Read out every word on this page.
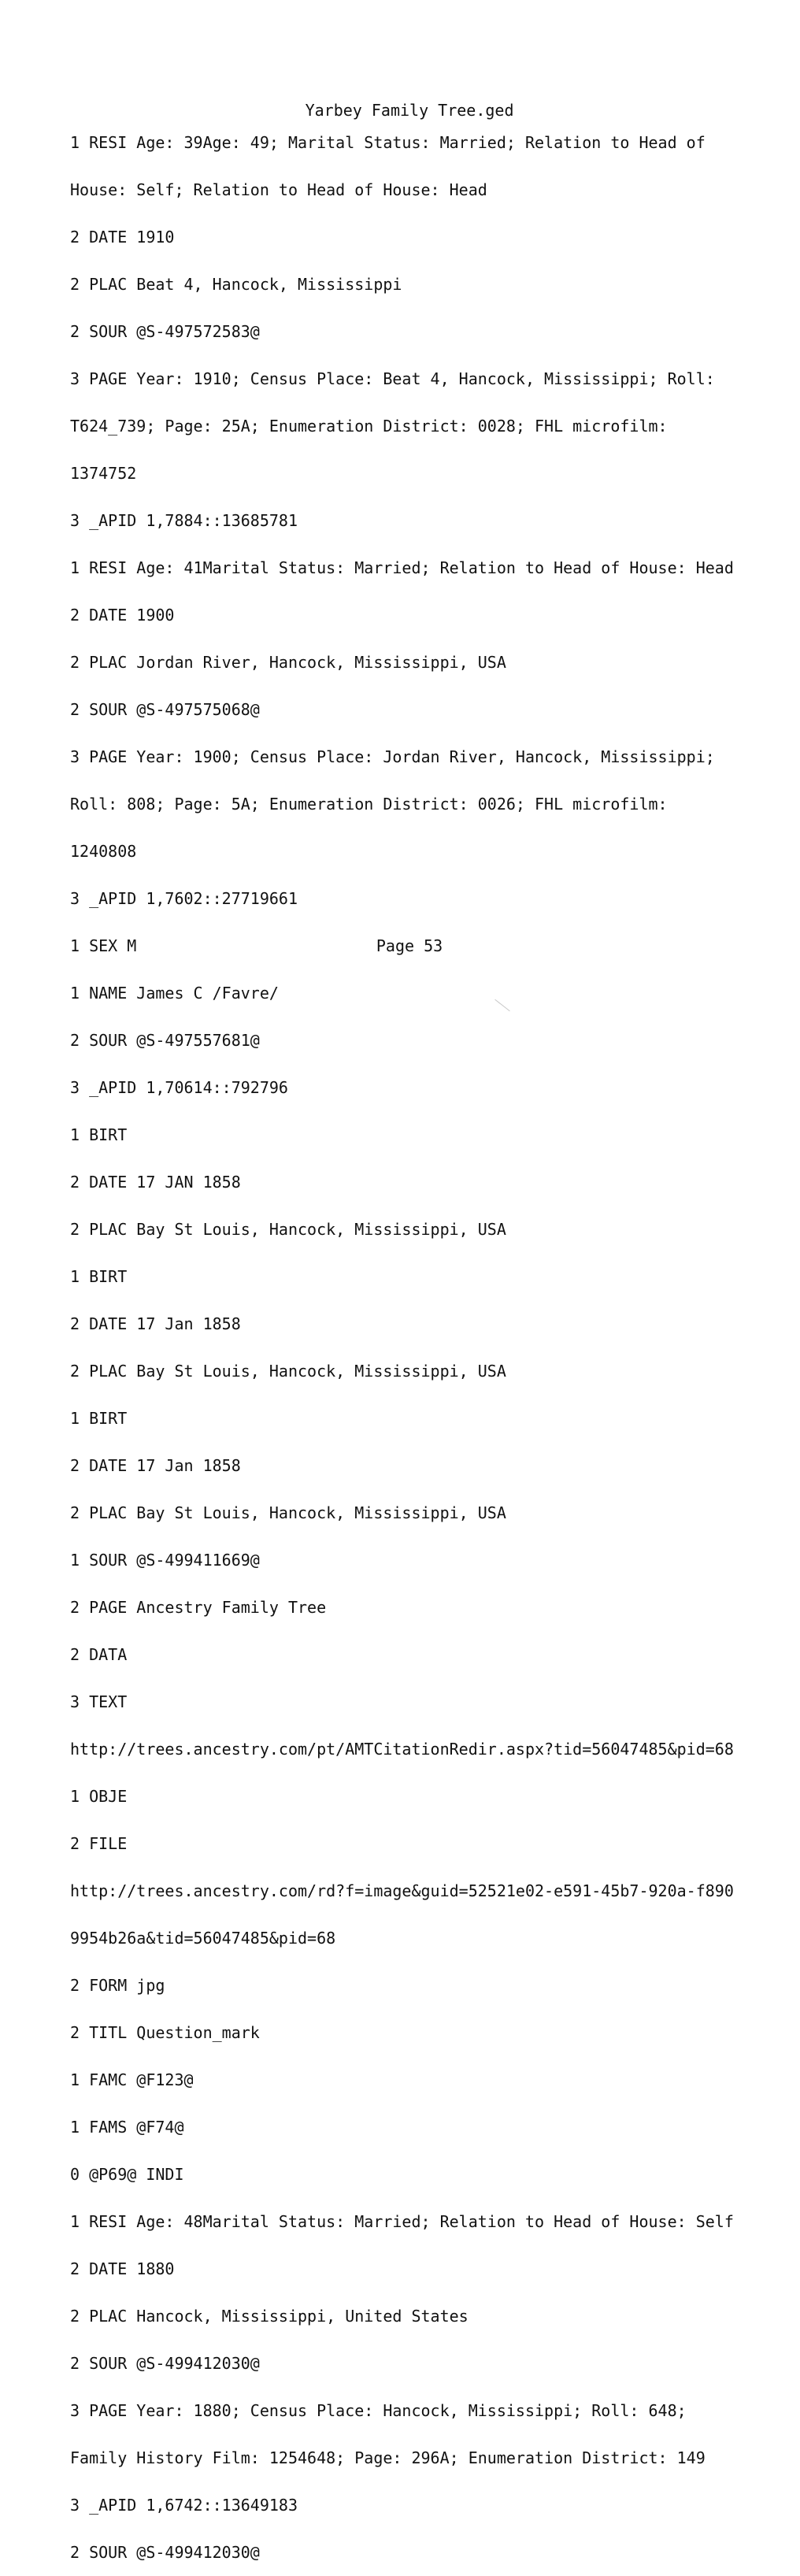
Yarbey Family Tree.ged

1 RESI Age: 39Age: 49; Marital Status: Married; Relation to Head of

House: Self; Relation to Head of House: Head

2 DATE 1910

2 PLAC Beat 4, Hancock, Mississippi

2 SOUR @S-497572583@

3 PAGE Year: 1910; Census Place: Beat 4, Hancock, Mississippi; Roll:

T624_739; Page: 25A; Enumeration District: 0028; FHL microfilm:

1374752

3 _APID 1,7884::13685781

1 RESI Age: 41Marital Status: Married; Relation to Head of House: Head

2 DATE 1900

2 PLAC Jordan River, Hancock, Mississippi, USA

2 SOUR @S-497575068@

3 PAGE Year: 1900; Census Place: Jordan River, Hancock, Mississippi;

Roll: 808; Page: 5A; Enumeration District: 0026; FHL microfilm:

1240808

3 _APID 1,7602::27719661

1 SEX M

1 NAME James C /Favre/

2 SOUR @S-497557681@

3 _APID 1,70614::792796

1 BIRT

2 DATE 17 JAN 1858

2 PLAC Bay St Louis, Hancock, Mississippi, USA

1 BIRT

2 DATE 17 Jan 1858

2 PLAC Bay St Louis, Hancock, Mississippi, USA

1 BIRT

2 DATE 17 Jan 1858

2 PLAC Bay St Louis, Hancock, Mississippi, USA

1 SOUR @S-499411669@

2 PAGE Ancestry Family Tree

2 DATA

3 TEXT

http://trees.ancestry.com/pt/AMTCitationRedir.aspx?tid=56047485&pid=68

1 OBJE

2 FILE

http://trees.ancestry.com/rd?f=image&guid=52521e02-e591-45b7-920a-f890

9954b26a&tid=56047485&pid=68

2 FORM jpg

2 TITL Question_mark

1 FAMC @F123@

1 FAMS @F74@

0 @P69@ INDI

1 RESI Age: 48Marital Status: Married; Relation to Head of House: Self

2 DATE 1880

2 PLAC Hancock, Mississippi, United States

2 SOUR @S-499412030@

3 PAGE Year: 1880; Census Place: Hancock, Mississippi; Roll: 648;

Family History Film: 1254648; Page: 296A; Enumeration District: 149

3 _APID 1,6742::13649183

2 SOUR @S-499412030@

Page 53
